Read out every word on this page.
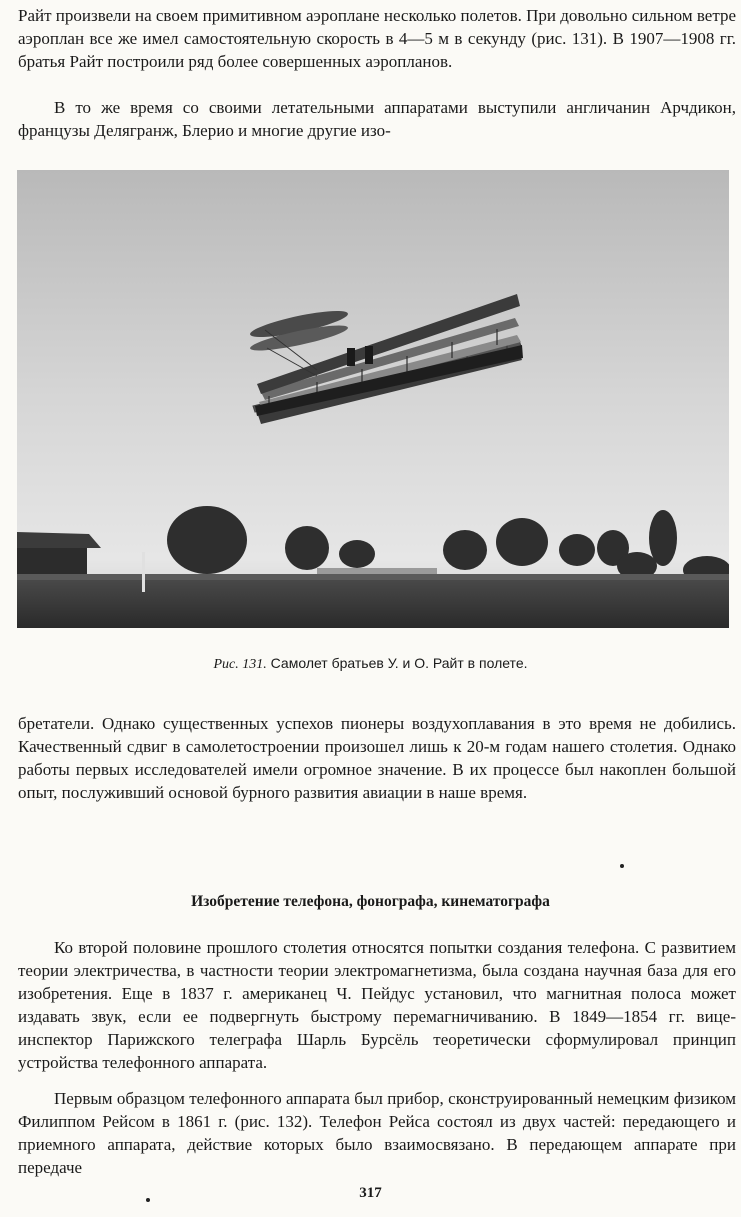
Райт произвели на своем примитивном аэроплане несколько полетов. При довольно сильном ветре аэроплан все же имел самостоятельную скорость в 4—5 м в секунду (рис. 131). В 1907—1908 гг. братья Райт построили ряд более совершенных аэропланов.

В то же время со своими летательными аппаратами выступили англичанин Арчдикон, французы Делягранж, Блерио и многие другие изо-

Рис. 131. Самолет братьев У. и О. Райт в полете.

бретатели. Однако существенных успехов пионеры воздухоплавания в это время не добились. Качественный сдвиг в самолетостроении произошел лишь к 20-м годам нашего столетия. Однако работы первых исследователей имели огромное значение. В их процессе был накоплен большой опыт, послуживший основой бурного развития авиации в наше время.

Изобретение телефона, фонографа, кинематографа

Ко второй половине прошлого столетия относятся попытки создания телефона. С развитием теории электричества, в частности теории электромагнетизма, была создана научная база для его изобретения. Еще в 1837 г. американец Ч. Пейдус установил, что магнитная полоса может издавать звук, если ее подвергнуть быстрому перемагничиванию. В 1849—1854 гг. вице-инспектор Парижского телеграфа Шарль Бурсёль теоретически сформулировал принцип устройства телефонного аппарата.

Первым образцом телефонного аппарата был прибор, сконструированный немецким физиком Филиппом Рейсом в 1861 г. (рис. 132). Телефон Рейса состоял из двух частей: передающего и приемного аппарата, действие которых было взаимосвязано. В передающем аппарате при передаче

317
